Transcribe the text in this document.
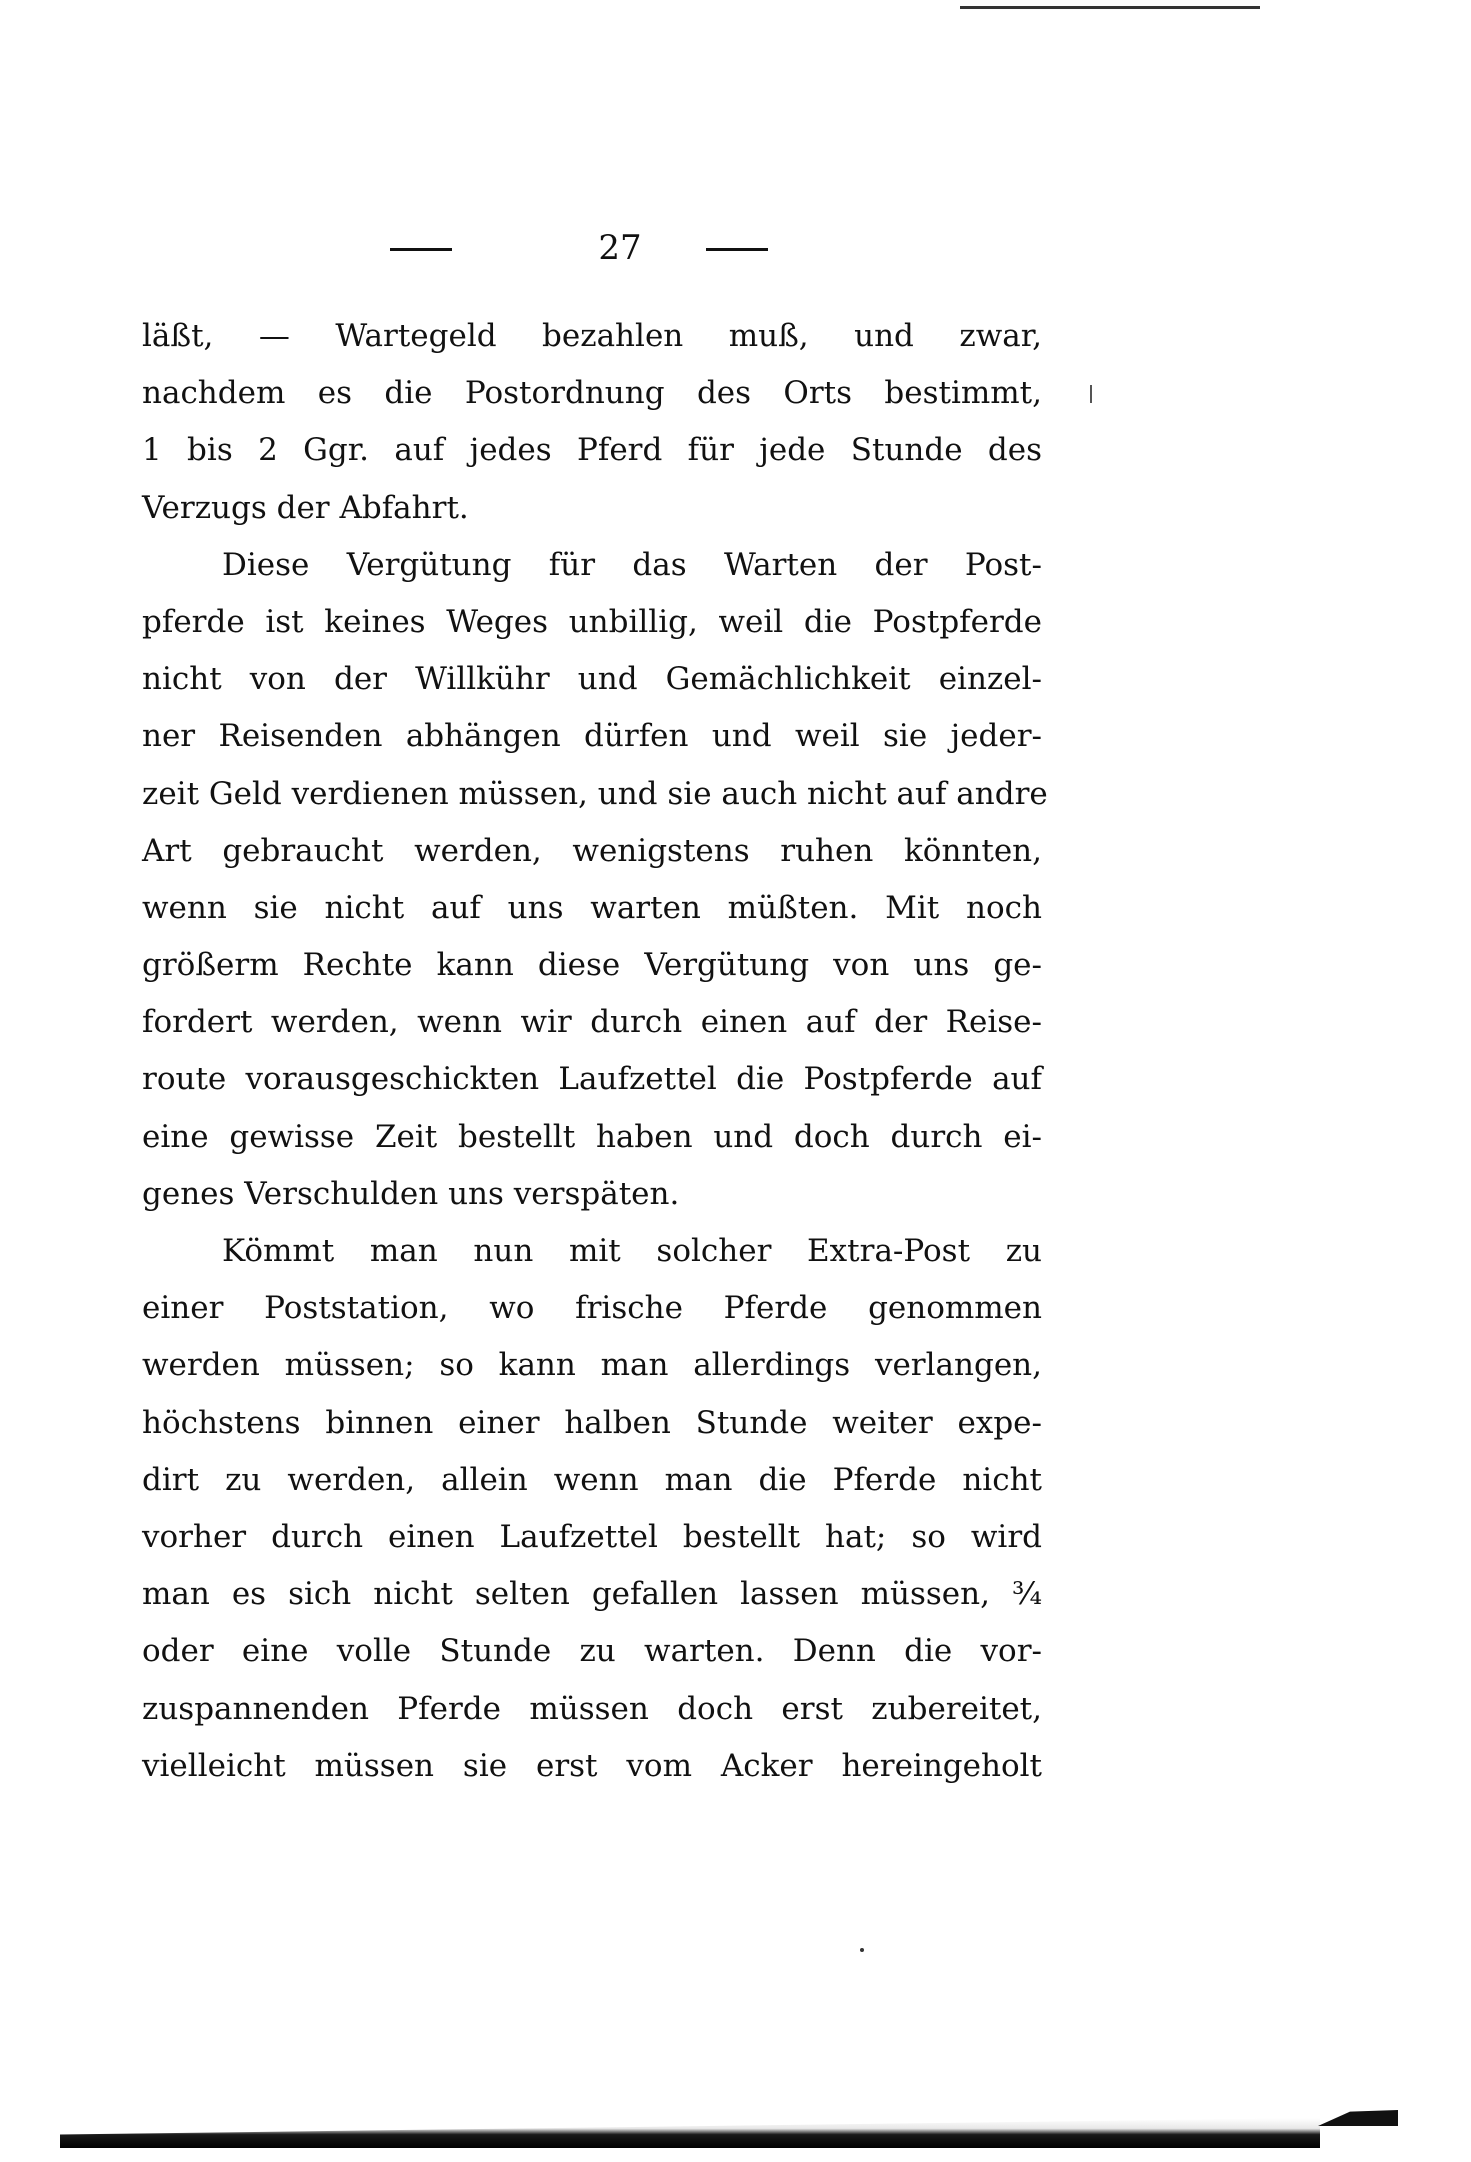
27
läßt, — Wartegeld bezahlen muß, und zwar,
nachdem es die Postordnung des Orts bestimmt,
1 bis 2 Ggr. auf jedes Pferd für jede Stunde des
Verzugs der Abfahrt.
Diese Vergütung für das Warten der Post-
pferde ist keines Weges unbillig, weil die Postpferde
nicht von der Willkühr und Gemächlichkeit einzel-
ner Reisenden abhängen dürfen und weil sie jeder-
zeit Geld verdienen müssen, und sie auch nicht auf andre
Art gebraucht werden, wenigstens ruhen könnten,
wenn sie nicht auf uns warten müßten. Mit noch
größerm Rechte kann diese Vergütung von uns ge-
fordert werden, wenn wir durch einen auf der Reise-
route vorausgeschickten Laufzettel die Postpferde auf
eine gewisse Zeit bestellt haben und doch durch ei-
genes Verschulden uns verspäten.
Kömmt man nun mit solcher Extra-Post zu
einer Poststation, wo frische Pferde genommen
werden müssen; so kann man allerdings verlangen,
höchstens binnen einer halben Stunde weiter expe-
dirt zu werden, allein wenn man die Pferde nicht
vorher durch einen Laufzettel bestellt hat; so wird
man es sich nicht selten gefallen lassen müssen, ¾
oder eine volle Stunde zu warten. Denn die vor-
zuspannenden Pferde müssen doch erst zubereitet,
vielleicht müssen sie erst vom Acker hereingeholt
